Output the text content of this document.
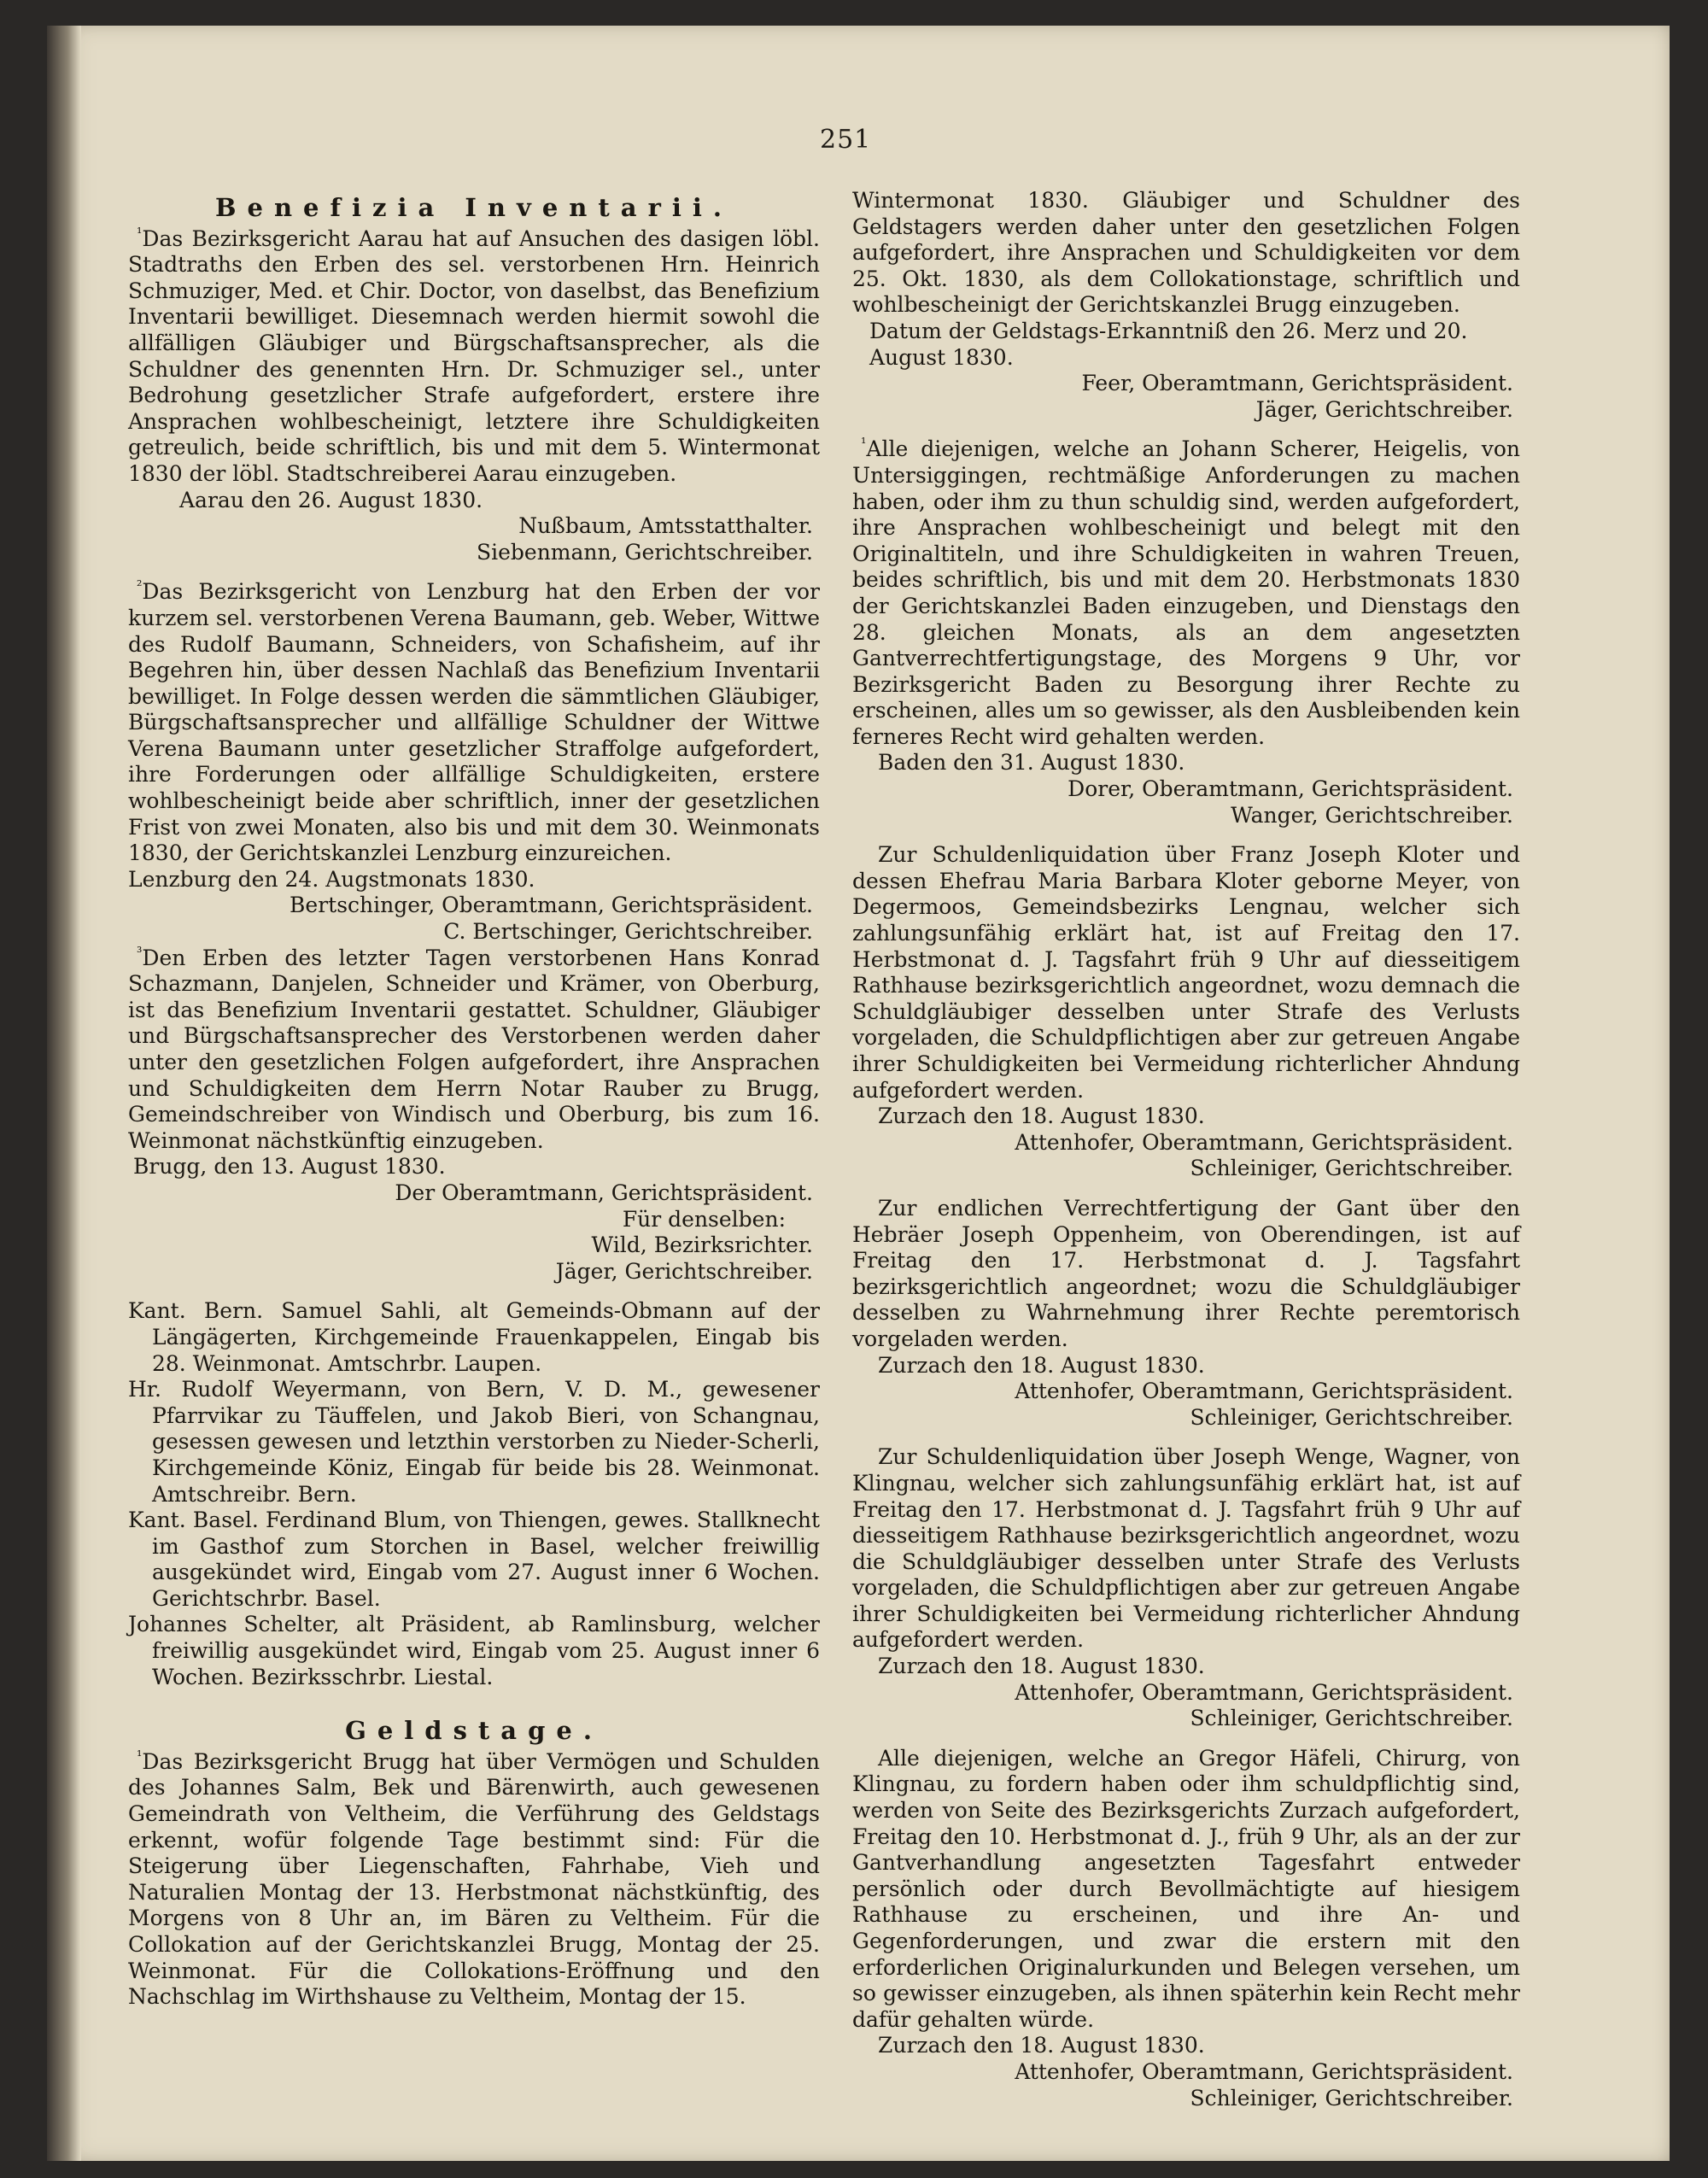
251
Benefizia Inventarii.

$^{^1}$Das Bezirksgericht Aarau hat auf Ansuchen des dasigen löbl. Stadtraths den Erben des sel. verstorbenen Hrn. Heinrich Schmuziger, Med. et Chir. Doctor, von daselbst, das Benefizium Inventarii bewilliget. Diesemnach werden hiermit sowohl die allfälligen Gläubiger und Bürgschaftsansprecher, als die Schuldner des genennten Hrn. Dr. Schmuziger sel., unter Bedrohung gesetzlicher Strafe aufgefordert, erstere ihre Ansprachen wohlbescheinigt, letztere ihre Schuldigkeiten getreulich, beide schriftlich, bis und mit dem 5. Wintermonat 1830 der löbl. Stadtschreiberei Aarau einzugeben.

Aarau den 26. August 1830.
Nußbaum, Amtsstatthalter.
Siebenmann, Gerichtschreiber.

$^{^2}$Das Bezirksgericht von Lenzburg hat den Erben der vor kurzem sel. verstorbenen Verena Baumann, geb. Weber, Wittwe des Rudolf Baumann, Schneiders, von Schafisheim, auf ihr Begehren hin, über dessen Nachlaß das Benefizium Inventarii bewilliget. In Folge dessen werden die sämmtlichen Gläubiger, Bürgschaftsansprecher und allfällige Schuldner der Wittwe Verena Baumann unter gesetzlicher Straffolge aufgefordert, ihre Forderungen oder allfällige Schuldigkeiten, erstere wohlbescheinigt beide aber schriftlich, inner der gesetzlichen Frist von zwei Monaten, also bis und mit dem 30. Weinmonats 1830, der Gerichtskanzlei Lenzburg einzureichen.

Lenzburg den 24. Augstmonats 1830.
Bertschinger, Oberamtmann, Gerichtspräsident.
C. Bertschinger, Gerichtschreiber.

$^{^3}$Den Erben des letzter Tagen verstorbenen Hans Konrad Schazmann, Danjelen, Schneider und Krämer, von Oberburg, ist das Benefizium Inventarii gestattet. Schuldner, Gläubiger und Bürgschaftsansprecher des Verstorbenen werden daher unter den gesetzlichen Folgen aufgefordert, ihre Ansprachen und Schuldigkeiten dem Herrn Notar Rauber zu Brugg, Gemeindschreiber von Windisch und Oberburg, bis zum 16. Weinmonat nächstkünftig einzugeben.

Brugg, den 13. August 1830.
Der Oberamtmann, Gerichtspräsident.
Für denselben:
Wild, Bezirksrichter.
Jäger, Gerichtschreiber.

Kant. Bern. Samuel Sahli, alt Gemeinds-Obmann auf der Längägerten, Kirchgemeinde Frauenkappelen, Eingab bis 28. Weinmonat. Amtschrbr. Laupen.

Hr. Rudolf Weyermann, von Bern, V. D. M., gewesener Pfarrvikar zu Täuffelen, und Jakob Bieri, von Schangnau, gesessen gewesen und letzthin verstorben zu Nieder-Scherli, Kirchgemeinde Köniz, Eingab für beide bis 28. Weinmonat. Amtschreibr. Bern.

Kant. Basel. Ferdinand Blum, von Thiengen, gewes. Stallknecht im Gasthof zum Storchen in Basel, welcher freiwillig ausgekündet wird, Eingab vom 27. August inner 6 Wochen. Gerichtschrbr. Basel.

Johannes Schelter, alt Präsident, ab Ramlinsburg, welcher freiwillig ausgekündet wird, Eingab vom 25. August inner 6 Wochen. Bezirksschrbr. Liestal.

Geldstage.

$^{^1}$Das Bezirksgericht Brugg hat über Vermögen und Schulden des Johannes Salm, Bek und Bärenwirth, auch gewesenen Gemeindrath von Veltheim, die Verführung des Geldstags erkennt, wofür folgende Tage bestimmt sind: Für die Steigerung über Liegenschaften, Fahrhabe, Vieh und Naturalien Montag der 13. Herbstmonat nächstkünftig, des Morgens von 8 Uhr an, im Bären zu Veltheim. Für die Collokation auf der Gerichtskanzlei Brugg, Montag der 25. Weinmonat. Für die Collokations-Eröffnung und den Nachschlag im Wirthshause zu Veltheim, Montag der 15.

Wintermonat 1830. Gläubiger und Schuldner des Geldstagers werden daher unter den gesetzlichen Folgen aufgefordert, ihre Ansprachen und Schuldigkeiten vor dem 25. Okt. 1830, als dem Collokationstage, schriftlich und wohlbescheinigt der Gerichtskanzlei Brugg einzugeben.

Datum der Geldstags-Erkanntniß den 26. Merz und 20. August 1830.
Feer, Oberamtmann, Gerichtspräsident.
Jäger, Gerichtschreiber.

$^{^1}$Alle diejenigen, welche an Johann Scherer, Heigelis, von Untersiggingen, rechtmäßige Anforderungen zu machen haben, oder ihm zu thun schuldig sind, werden aufgefordert, ihre Ansprachen wohlbescheinigt und belegt mit den Originaltiteln, und ihre Schuldigkeiten in wahren Treuen, beides schriftlich, bis und mit dem 20. Herbstmonats 1830 der Gerichtskanzlei Baden einzugeben, und Dienstags den 28. gleichen Monats, als an dem angesetzten Gantverrechtfertigungstage, des Morgens 9 Uhr, vor Bezirksgericht Baden zu Besorgung ihrer Rechte zu erscheinen, alles um so gewisser, als den Ausbleibenden kein ferneres Recht wird gehalten werden.

Baden den 31. August 1830.
Dorer, Oberamtmann, Gerichtspräsident.
Wanger, Gerichtschreiber.

Zur Schuldenliquidation über Franz Joseph Kloter und dessen Ehefrau Maria Barbara Kloter geborne Meyer, von Degermoos, Gemeindsbezirks Lengnau, welcher sich zahlungsunfähig erklärt hat, ist auf Freitag den 17. Herbstmonat d. J. Tagsfahrt früh 9 Uhr auf diesseitigem Rathhause bezirksgerichtlich angeordnet, wozu demnach die Schuldgläubiger desselben unter Strafe des Verlusts vorgeladen, die Schuldpflichtigen aber zur getreuen Angabe ihrer Schuldigkeiten bei Vermeidung richterlicher Ahndung aufgefordert werden.

Zurzach den 18. August 1830.
Attenhofer, Oberamtmann, Gerichtspräsident.
Schleiniger, Gerichtschreiber.

Zur endlichen Verrechtfertigung der Gant über den Hebräer Joseph Oppenheim, von Oberendingen, ist auf Freitag den 17. Herbstmonat d. J. Tagsfahrt bezirksgerichtlich angeordnet; wozu die Schuldgläubiger desselben zu Wahrnehmung ihrer Rechte peremtorisch vorgeladen werden.

Zurzach den 18. August 1830.
Attenhofer, Oberamtmann, Gerichtspräsident.
Schleiniger, Gerichtschreiber.

Zur Schuldenliquidation über Joseph Wenge, Wagner, von Klingnau, welcher sich zahlungsunfähig erklärt hat, ist auf Freitag den 17. Herbstmonat d. J. Tagsfahrt früh 9 Uhr auf diesseitigem Rathhause bezirksgerichtlich angeordnet, wozu die Schuldgläubiger desselben unter Strafe des Verlusts vorgeladen, die Schuldpflichtigen aber zur getreuen Angabe ihrer Schuldigkeiten bei Vermeidung richterlicher Ahndung aufgefordert werden.

Zurzach den 18. August 1830.
Attenhofer, Oberamtmann, Gerichtspräsident.
Schleiniger, Gerichtschreiber.

Alle diejenigen, welche an Gregor Häfeli, Chirurg, von Klingnau, zu fordern haben oder ihm schuldpflichtig sind, werden von Seite des Bezirksgerichts Zurzach aufgefordert, Freitag den 10. Herbstmonat d. J., früh 9 Uhr, als an der zur Gantverhandlung angesetzten Tagesfahrt entweder persönlich oder durch Bevollmächtigte auf hiesigem Rathhause zu erscheinen, und ihre An- und Gegenforderungen, und zwar die erstern mit den erforderlichen Originalurkunden und Belegen versehen, um so gewisser einzugeben, als ihnen späterhin kein Recht mehr dafür gehalten würde.

Zurzach den 18. August 1830.
Attenhofer, Oberamtmann, Gerichtspräsident.
Schleiniger, Gerichtschreiber.
